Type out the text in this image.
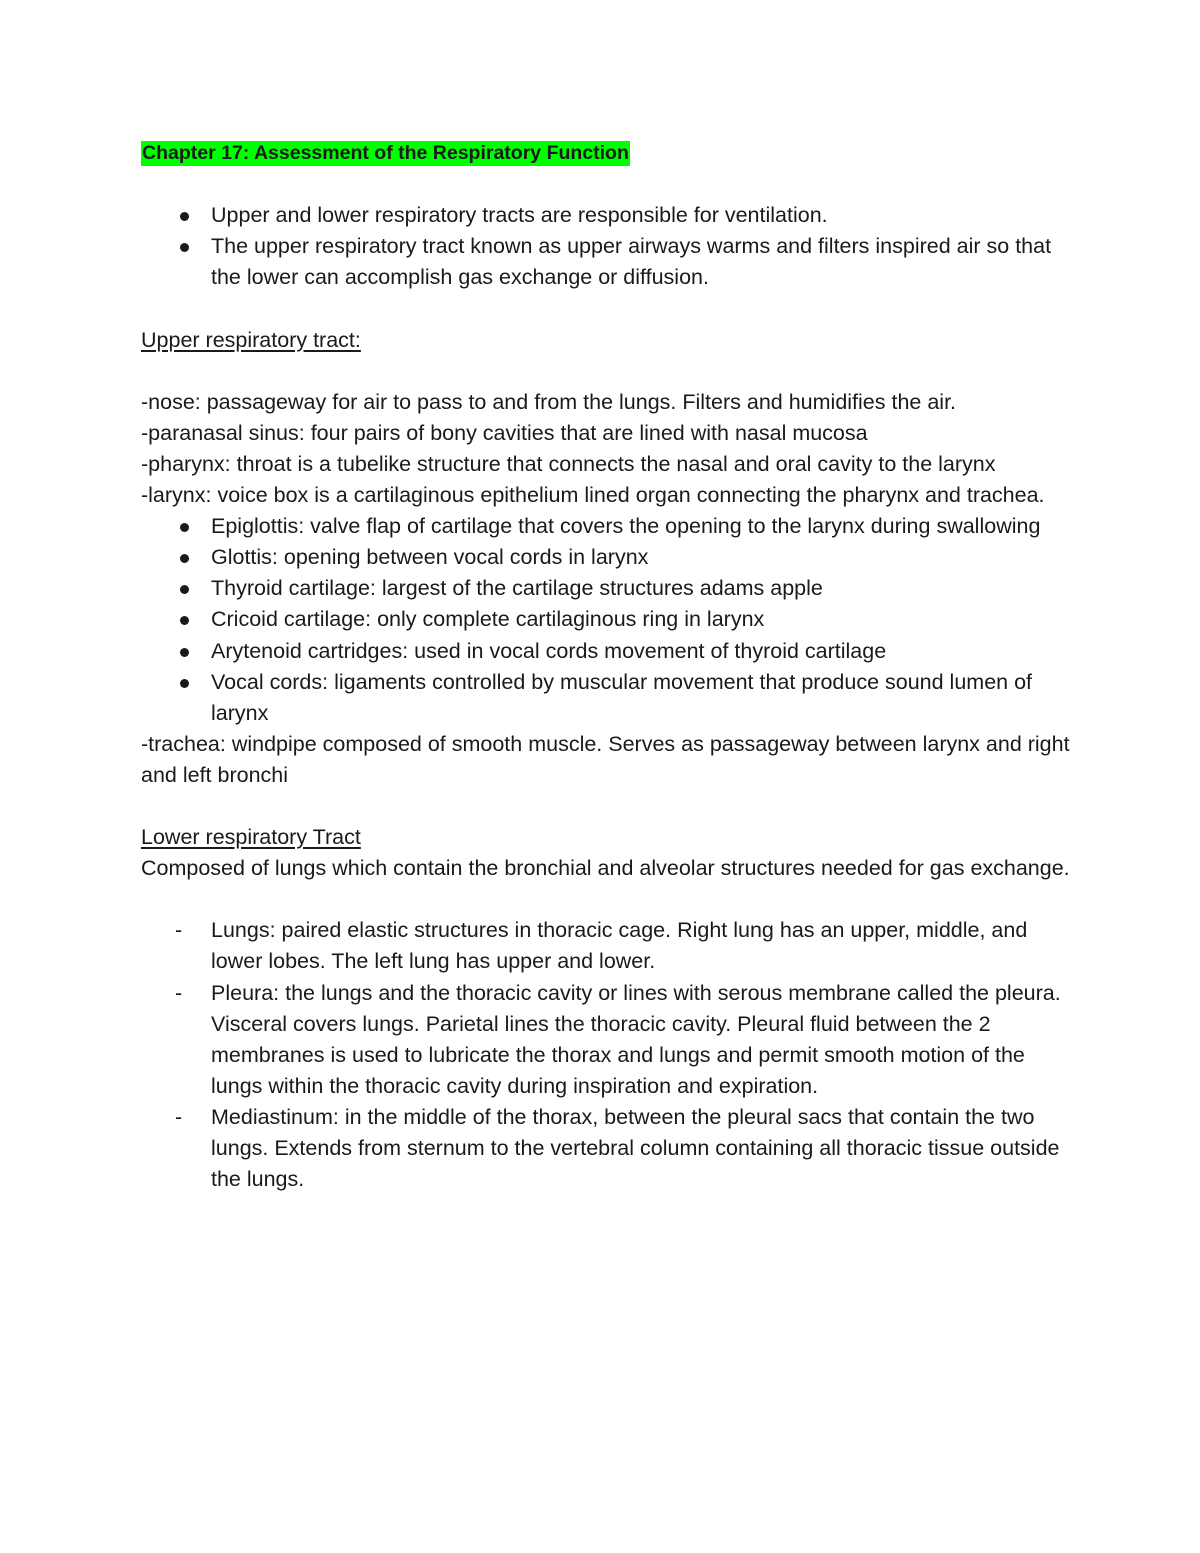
Chapter 17: Assessment of the Respiratory Function

Upper and lower respiratory tracts are responsible for ventilation.
The upper respiratory tract known as upper airways warms and filters inspired air so that the lower can accomplish gas exchange or diffusion.

Upper respiratory tract:

-nose: passageway for air to pass to and from the lungs. Filters and humidifies the air.

-paranasal sinus: four pairs of bony cavities that are lined with nasal mucosa

-pharynx: throat is a tubelike structure that connects the nasal and oral cavity to the larynx

-larynx: voice box is a cartilaginous epithelium lined organ connecting the pharynx and trachea.

Epiglottis: valve flap of cartilage that covers the opening to the larynx during swallowing
Glottis: opening between vocal cords in larynx
Thyroid cartilage: largest of the cartilage structures adams apple
Cricoid cartilage: only complete cartilaginous ring in larynx
Arytenoid cartridges: used in vocal cords movement of thyroid cartilage
Vocal cords: ligaments controlled by muscular movement that produce sound lumen of larynx

-trachea: windpipe composed of smooth muscle. Serves as passageway between larynx and right and left bronchi

Lower respiratory Tract

Composed of lungs which contain the bronchial and alveolar structures needed for gas exchange.

- Lungs: paired elastic structures in thoracic cage. Right lung has an upper, middle, and lower lobes. The left lung has upper and lower.
- Pleura: the lungs and the thoracic cavity or lines with serous membrane called the pleura. Visceral covers lungs. Parietal lines the thoracic cavity. Pleural fluid between the 2 membranes is used to lubricate the thorax and lungs and permit smooth motion of the lungs within the thoracic cavity during inspiration and expiration.
- Mediastinum: in the middle of the thorax, between the pleural sacs that contain the two lungs. Extends from sternum to the vertebral column containing all thoracic tissue outside the lungs.
